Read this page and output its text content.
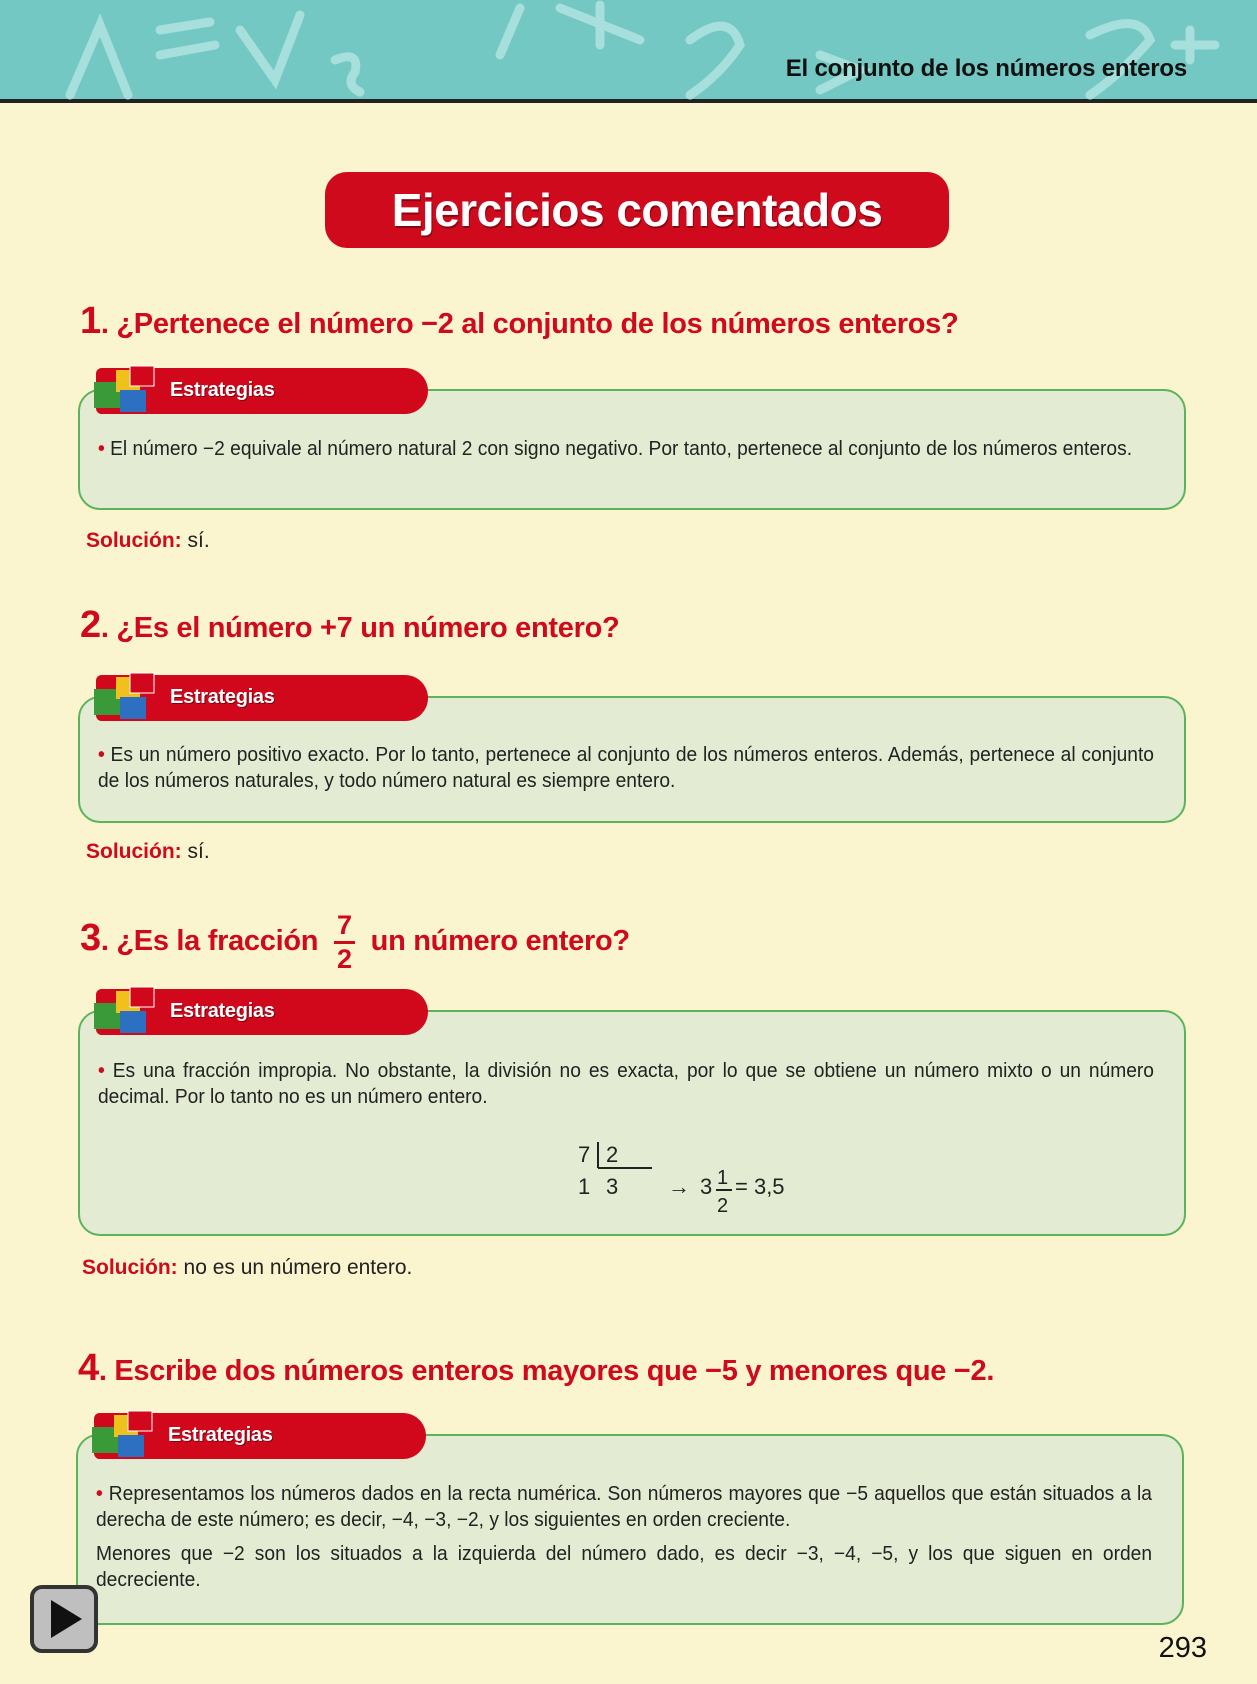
El conjunto de los números enteros
Ejercicios comentados
1. ¿Pertenece el número −2 al conjunto de los números enteros?

• El número −2 equivale al número natural 2 con signo negativo. Por tanto, pertenece al conjunto de los números enteros.

Estrategias
Solución: sí.
2. ¿Es el número +7 un número entero?

• Es un número positivo exacto. Por lo tanto, pertenece al conjunto de los números enteros. Además, pertenece al conjunto de los números naturales, y todo número natural es siempre entero.

Estrategias
Solución: sí.
3. ¿Es la fracción $\frac{7}{2}$ un número entero?

• Es una fracción impropia. No obstante, la división no es exacta, por lo que se obtiene un número mixto o un número decimal. Por lo tanto no es un número entero.

7 2
1 3 → 3 1
2
= 3,5
Estrategias
Solución: no es un número entero.
4. Escribe dos números enteros mayores que −5 y menores que −2.

• Representamos los números dados en la recta numérica. Son números mayores que −5 aquellos que están situados a la derecha de este número; es decir, −4, −3, −2, y los siguientes en orden creciente.

Menores que −2 son los situados a la izquierda del número dado, es decir −3, −4, −5, y los que siguen en orden decreciente.

Estrategias
293
